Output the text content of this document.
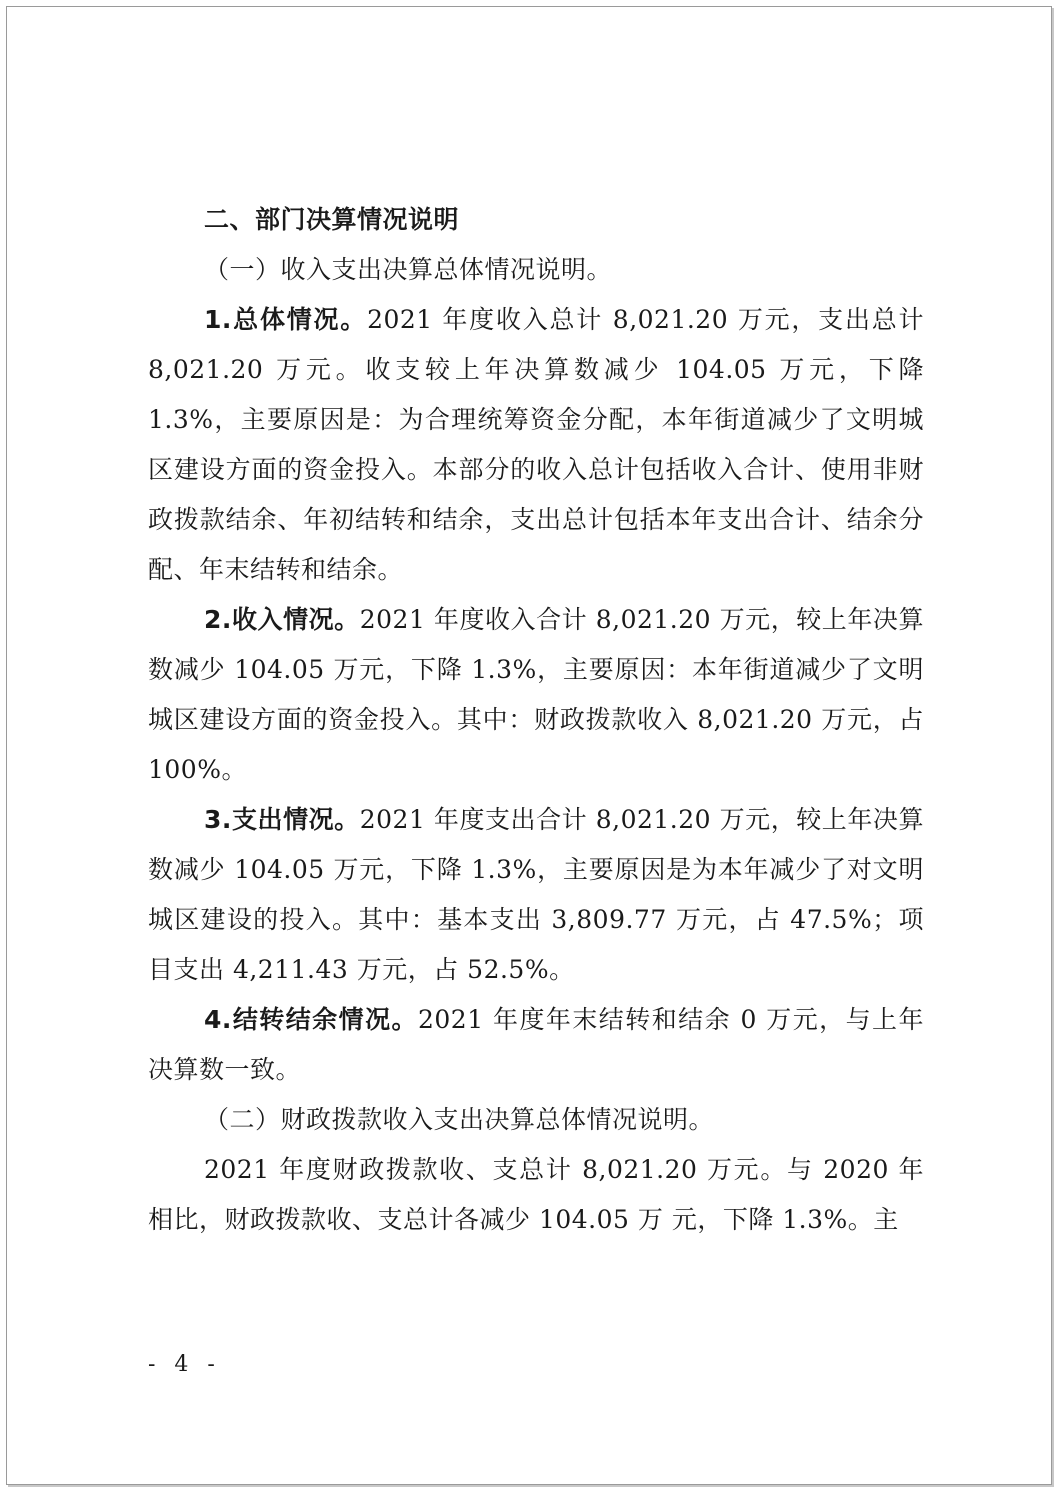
二、部门决算情况说明

（一）收入支出决算总体情况说明。

1.总体情况。2021 年度收入总计 8,021.20 万元，支出总计 8,021.20 万元。收支较上年决算数减少 104.05 万元，下降 1.3%，主要原因是：为合理统筹资金分配，本年街道减少了文明城区建设方面的资金投入。本部分的收入总计包括收入合计、使用非财政拨款结余、年初结转和结余，支出总计包括本年支出合计、结余分配、年末结转和结余。

2.收入情况。2021 年度收入合计 8,021.20 万元，较上年决算数减少 104.05 万元，下降 1.3%，主要原因：本年街道减少了文明城区建设方面的资金投入。其中：财政拨款收入 8,021.20 万元，占 100%。

3.支出情况。2021 年度支出合计 8,021.20 万元，较上年决算数减少 104.05 万元，下降 1.3%，主要原因是为本年减少了对文明城区建设的投入。其中：基本支出 3,809.77 万元，占 47.5%；项目支出 4,211.43 万元，占 52.5%。

4.结转结余情况。2021 年度年末结转和结余 0 万元，与上年决算数一致。

（二）财政拨款收入支出决算总体情况说明。

2021 年度财政拨款收、支总计 8,021.20 万元。与 2020 年相比，财政拨款收、支总计各减少 104.05 万 元，下降 1.3%。主

- 4 -
